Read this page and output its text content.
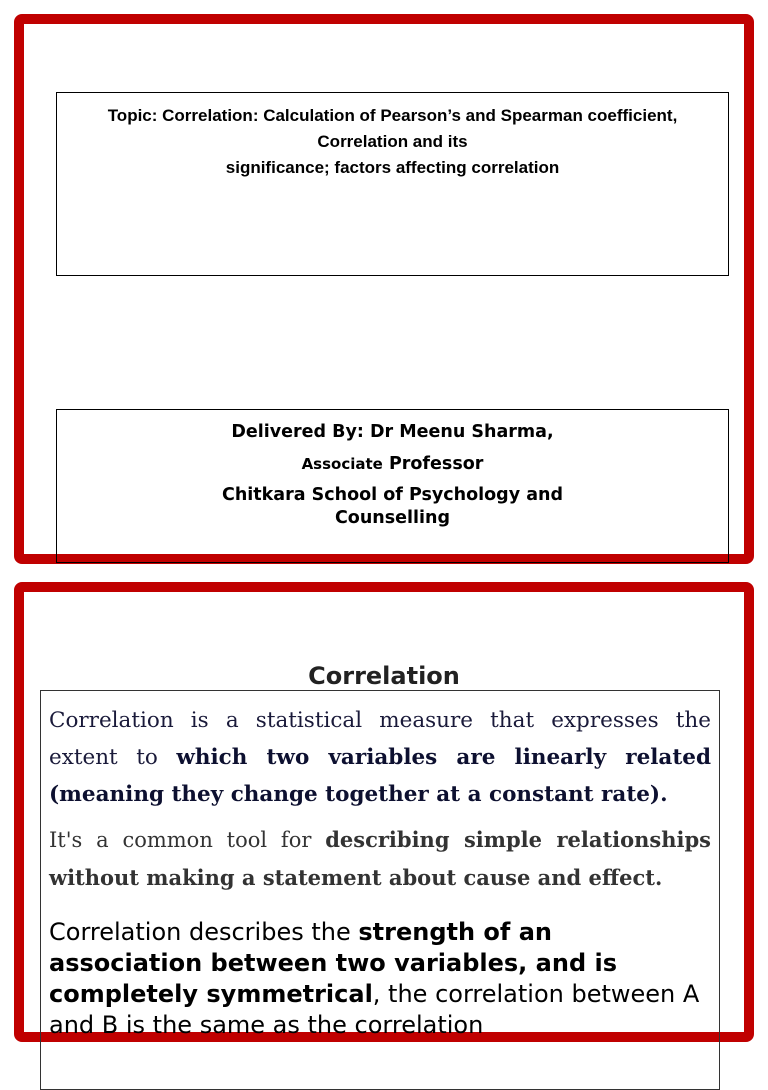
Topic: Correlation: Calculation of Pearson’s and Spearman coefficient,
Correlation and its
significance; factors affecting correlation
Delivered By: Dr Meenu Sharma,
Associate Professor
Chitkara School of Psychology and
Counselling
Correlation

Correlation is a statistical measure that expresses the extent to which two variables are linearly related (meaning they change together at a constant rate).

It's a common tool for describing simple relationships without making a statement about cause and effect.

Correlation describes the strength of an association between two variables, and is completely symmetrical, the correlation between A and B is the same as the correlation
